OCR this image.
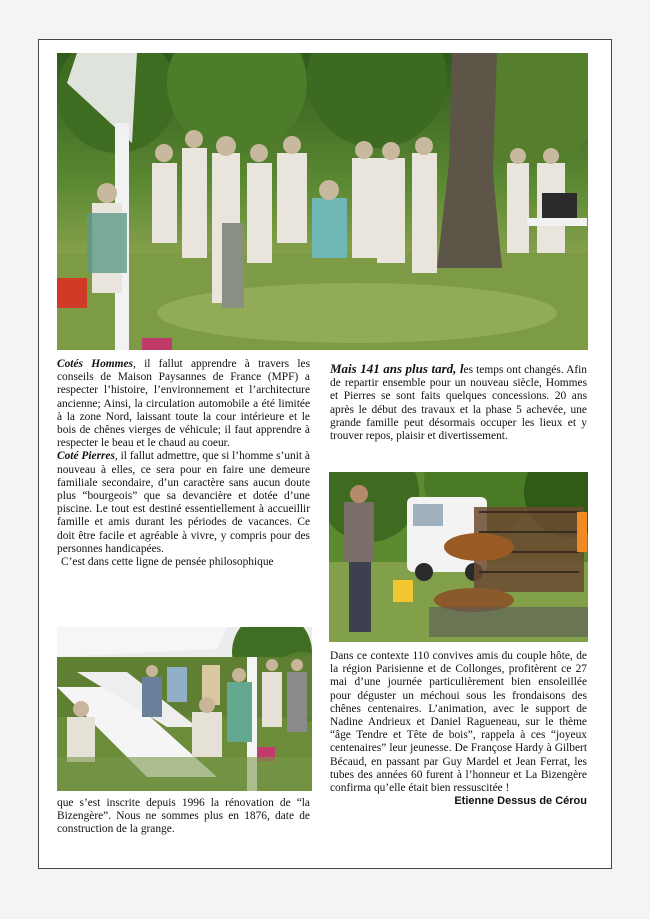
Cotés Hommes, il fallut apprendre à travers les conseils de Maison Paysannes de France (MPF) a respecter l’histoire, l’environnement et l’architecture ancienne; Ainsi, la circulation automobile a été limitée à la zone Nord, laissant toute la cour intérieure et le bois de chênes vierges de véhicule; il faut apprendre à respecter le beau et le chaud au coeur.

Coté Pierres, il fallut admettre, que si l’homme s’unit à nouveau à elles, ce sera pour en faire une demeure familiale secondaire, d’un caractère sans aucun doute plus “bourgeois” que sa devancière et dotée d’une piscine. Le tout est destiné essentiellement à accueillir famille et amis durant les périodes de vacances. Ce doit être facile et agréable à vivre, y compris pour des personnes handicapées.

C’est dans cette ligne de pensée philosophique

que s’est inscrite depuis 1996 la rénovation de “la Bizengère”. Nous ne sommes plus en 1876, date de construction de la grange.

Mais 141 ans plus tard, les temps ont changés. Afin de repartir ensemble pour un nouveau siècle, Hommes et Pierres se sont faits quelques concessions. 20 ans après le début des travaux et la phase 5 achevée, une grande famille peut désormais occuper les lieux et y trouver repos, plaisir et divertissement.

Dans ce contexte 110 convives amis du couple hôte, de la région Parisienne et de Collonges, profitèrent ce 27 mai d’une journée particulièrement bien ensoleillée pour déguster un méchoui sous les frondaisons des chênes centenaires. L’animation, avec le support de Nadine Andrieux et Daniel Ragueneau, sur le thème “âge Tendre et Tête de bois”, rappela à ces “joyeux centenaires” leur jeunesse. De Françose Hardy à Gilbert Bécaud, en passant par Guy Mardel et Jean Ferrat, les tubes des années 60 furent à l’honneur et La Bizengère confirma qu’elle était bien ressuscitée !
Etienne Dessus de Cérou
